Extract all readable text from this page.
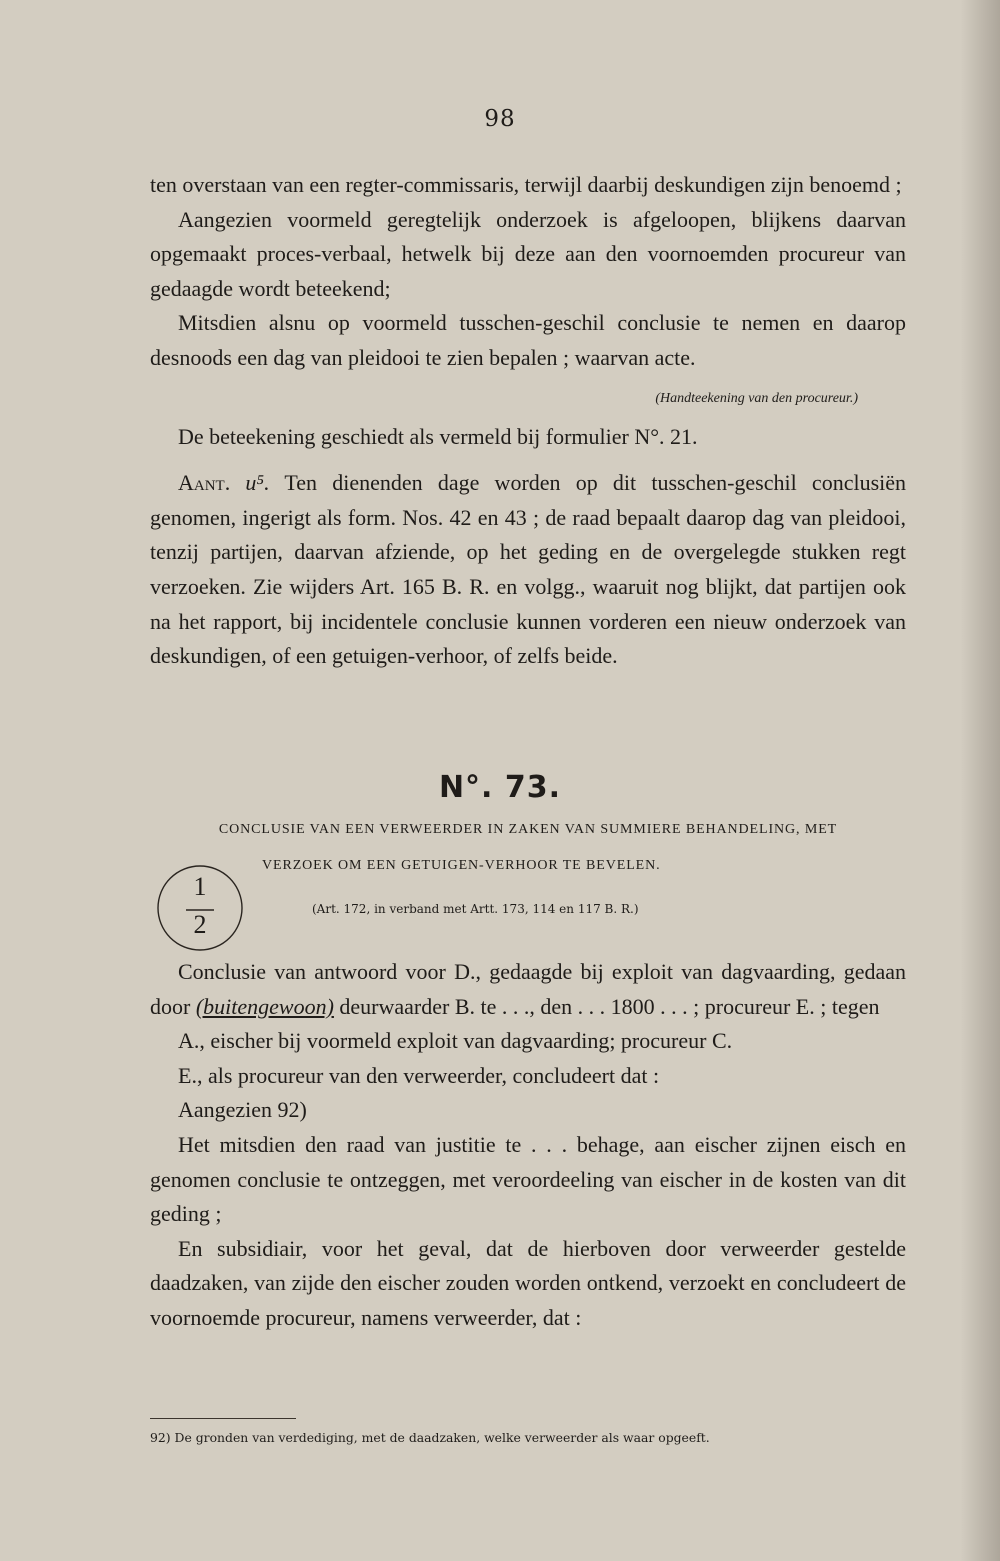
98

ten overstaan van een regter-commissaris, terwijl daarbij deskundigen zijn benoemd ;

Aangezien voormeld geregtelijk onderzoek is afgeloopen, blijkens daarvan opgemaakt proces-verbaal, hetwelk bij deze aan den voornoemden procureur van gedaagde wordt beteekend;

Mitsdien alsnu op voormeld tusschen-geschil conclusie te nemen en daarop desnoods een dag van pleidooi te zien bepalen ; waarvan acte.

(Handteekening van den procureur.)

De beteekening geschiedt als vermeld bij formulier N°. 21.

Aant. u⁵. Ten dienenden dage worden op dit tusschen-geschil conclusiën genomen, ingerigt als form. Nos. 42 en 43 ; de raad bepaalt daarop dag van pleidooi, tenzij partijen, daarvan afziende, op het geding en de overgelegde stukken regt verzoeken. Zie wijders Art. 165 B. R. en volgg., waaruit nog blijkt, dat partijen ook na het rapport, bij incidentele conclusie kunnen vorderen een nieuw onderzoek van deskundigen, of een getuigen-verhoor, of zelfs beide.

N°. 73.
CONCLUSIE VAN EEN VERWEERDER IN ZAKEN VAN SUMMIERE BEHANDELING, MET
VERZOEK OM EEN GETUIGEN-VERHOOR TE BEVELEN.
(Art. 172, in verband met Artt. 173, 114 en 117 B. R.)
1
2

Conclusie van antwoord voor D., gedaagde bij exploit van dagvaarding, gedaan door (buitengewoon) deurwaarder B. te . . ., den . . . 1800 . . . ; procureur E. ; tegen

A., eischer bij voormeld exploit van dagvaarding; procureur C.

E., als procureur van den verweerder, concludeert dat :

Aangezien 92)

Het mitsdien den raad van justitie te . . . behage, aan eischer zijnen eisch en genomen conclusie te ontzeggen, met veroordeeling van eischer in de kosten van dit geding ;

En subsidiair, voor het geval, dat de hierboven door verweerder gestelde daadzaken, van zijde den eischer zouden worden ontkend, verzoekt en concludeert de voornoemde procureur, namens verweerder, dat :

92) De gronden van verdediging, met de daadzaken, welke verweerder als waar opgeeft.
